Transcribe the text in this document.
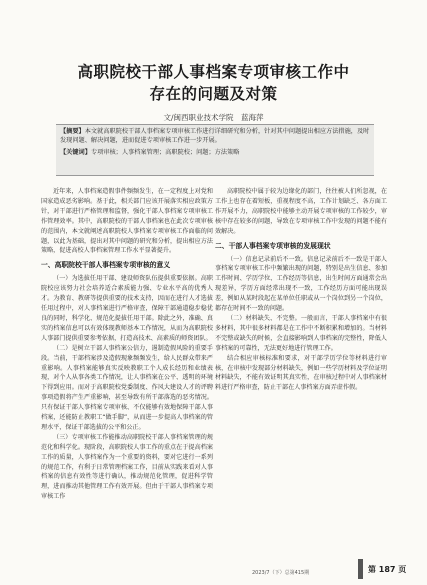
高职院校干部人事档案专项审核工作中
存在的问题及对策
文/闽西职业技术学院　蓝海萍

【摘要】本文就高职院校干部人事档案专项审核工作进行详细研究和分析，针对其中问题提出相应方法措施，及时发现问题、解决问题，进而促进专项审核工作进一步开展。

【关键词】专项审核；人事档案管理；高职院校；问题；方法策略

近年来，人事档案造假事件频频发生，在一定程度上对党和国家造成恶劣影响。基于此，相关部门应该开展落实相应政策方针，对干部进行严格管理和监督，强化干部人事档案专项审核工作管理效率。其中，高职院校的干部人事档案也在此次专项审核的范围内，本文就阐述高职院校人事档案专项审核工作面临的问题，以此为基础，提出对其中问题的研究和分析，提出相应方法策略，促进高校人事档案管理工作水平显著提升。

一、高职院校干部人事档案专项审核的意义

（一）为选拔任用干部、建设师资队伍提供重要依据。高职院校应该努力社会培养适合素质能力强、专业水平高的优秀人才。为教育、教研等提供重要的技术支持，因而在进行人才选拔任用过程中，对人事档案进行严格审查，保障干部通道稳步稳优良的同时，科学化、规范化提拔任用干部。除此之外，准确、真实的档案信息可以有效体现教师基本工作情况，从而为高职院校人事部门提供重要参考依据，打造高技术、高素质的师资团队。

（二）是树立干部人事档案公信力，遏制造假风险的重要手段。当前，干部档案涉及造假现象频频发生，给人民群众带来严重影响。人事档案能够真实反映教职工个人成长经历和业绩表现，对个人从事各类工作情况，让人事档案在公平、透明的环境下得到应用。而对于高职院校党委制度、作风大建设人才的评聘事项造假将产生严重影响，甚至导致有所干部落选的恶劣情况。只有保证干部人事档案专项审核、不仅能够有效地保障干部人事档案，还能防止教职工“做手脚”，从而进一步提高人事档案的管理水平，保证干部选拔的公平和公正。

（三）专项审核工作能推动高职院校干部人事档案管理的规范化和科学化。现阶段，高职院校人事工作的重点在于提高档案工作的质量，人事档案作为一个重要的资料，要对它进行一系列的规范工作，有利于日常管理档案工作，目前从实践来看对人事档案的信息有效性等进行确认，推动规范化管理，促进科学管理，进而推动其他管理工作有效开展。但由于干部人事档案专项审核工作

高职院校中属于较为边缘化的部门，往往被人们所忽视，在工作上也存在着短板，重视程度不高，工作计划缺乏、各方面工作开展不力，高职院校中能够主动开展专项审核的工作较少，审核中存在较多的问题，导致在专项审核工作中发现的问题不能有效解决。

二、干部人事档案专项审核的发展现状

（一）信息记录前后不一致。信息记录前后不一致是干部人事档案专项审核工作中频繁出现的问题，特别是出生信息、参加工作时间、学历学位、工作经历等信息，出生时间方面通常会出现差异，学历方面经常出现不一致，工作经历方面可能出现误差，例如从某时段起在某单位任职或从一个岗位到另一个岗位，都存在时间不一致的问题。

（二）材料缺失、不完整。一般而言，干部人事档案中有很多材料，其中很多材料都是在工作中不断积累和增加的。当材料不完整或缺失的时候，会直接影响到人事档案的完整性，降低人事档案的可靠性，无法更好地进行管理工作。

结合相应审核标准和要求，对干部学历学位等材料进行审核，在审核中发现部分材料缺失，例如一些学历材料及学位证明材料缺失，不能有效证明其真实性，在审核过程中对人事档案材料进行严格审查，防止干部在人事档案方面弄虚作假。

2023/7（下）总第415期	第 187 页
